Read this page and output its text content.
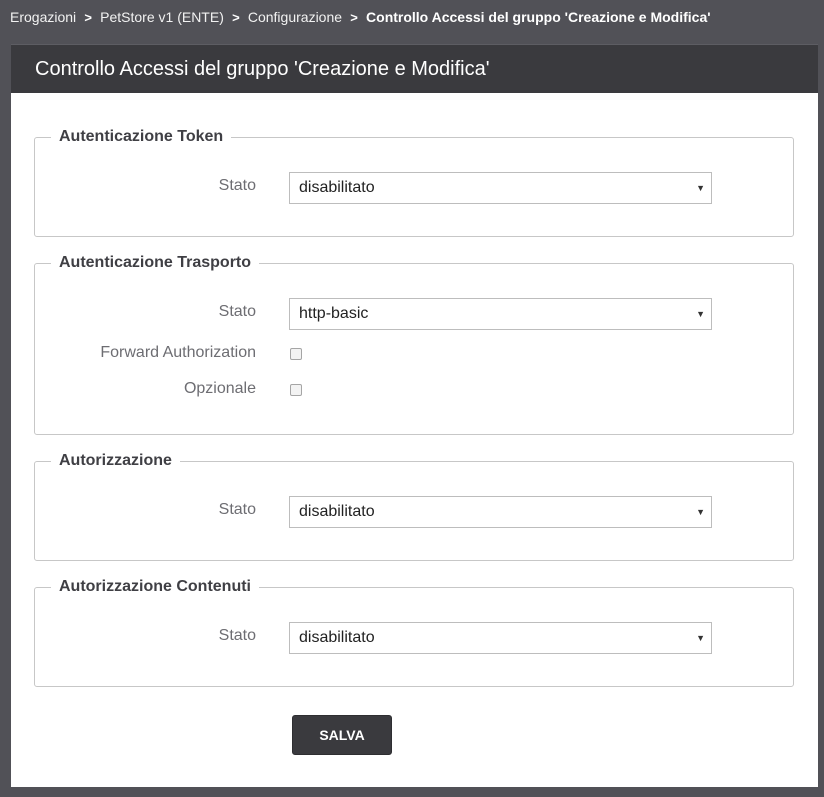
Erogazioni > PetStore v1 (ENTE) > Configurazione > Controllo Accessi del gruppo 'Creazione e Modifica'
Controllo Accessi del gruppo 'Creazione e Modifica'
Autenticazione Token
Stato	disabilitato	▼
Autenticazione Trasporto
Stato	http-basic	▼
Forward Authorization
Opzionale
Autorizzazione
Stato	disabilitato	▼
Autorizzazione Contenuti
Stato	disabilitato	▼
SALVA
